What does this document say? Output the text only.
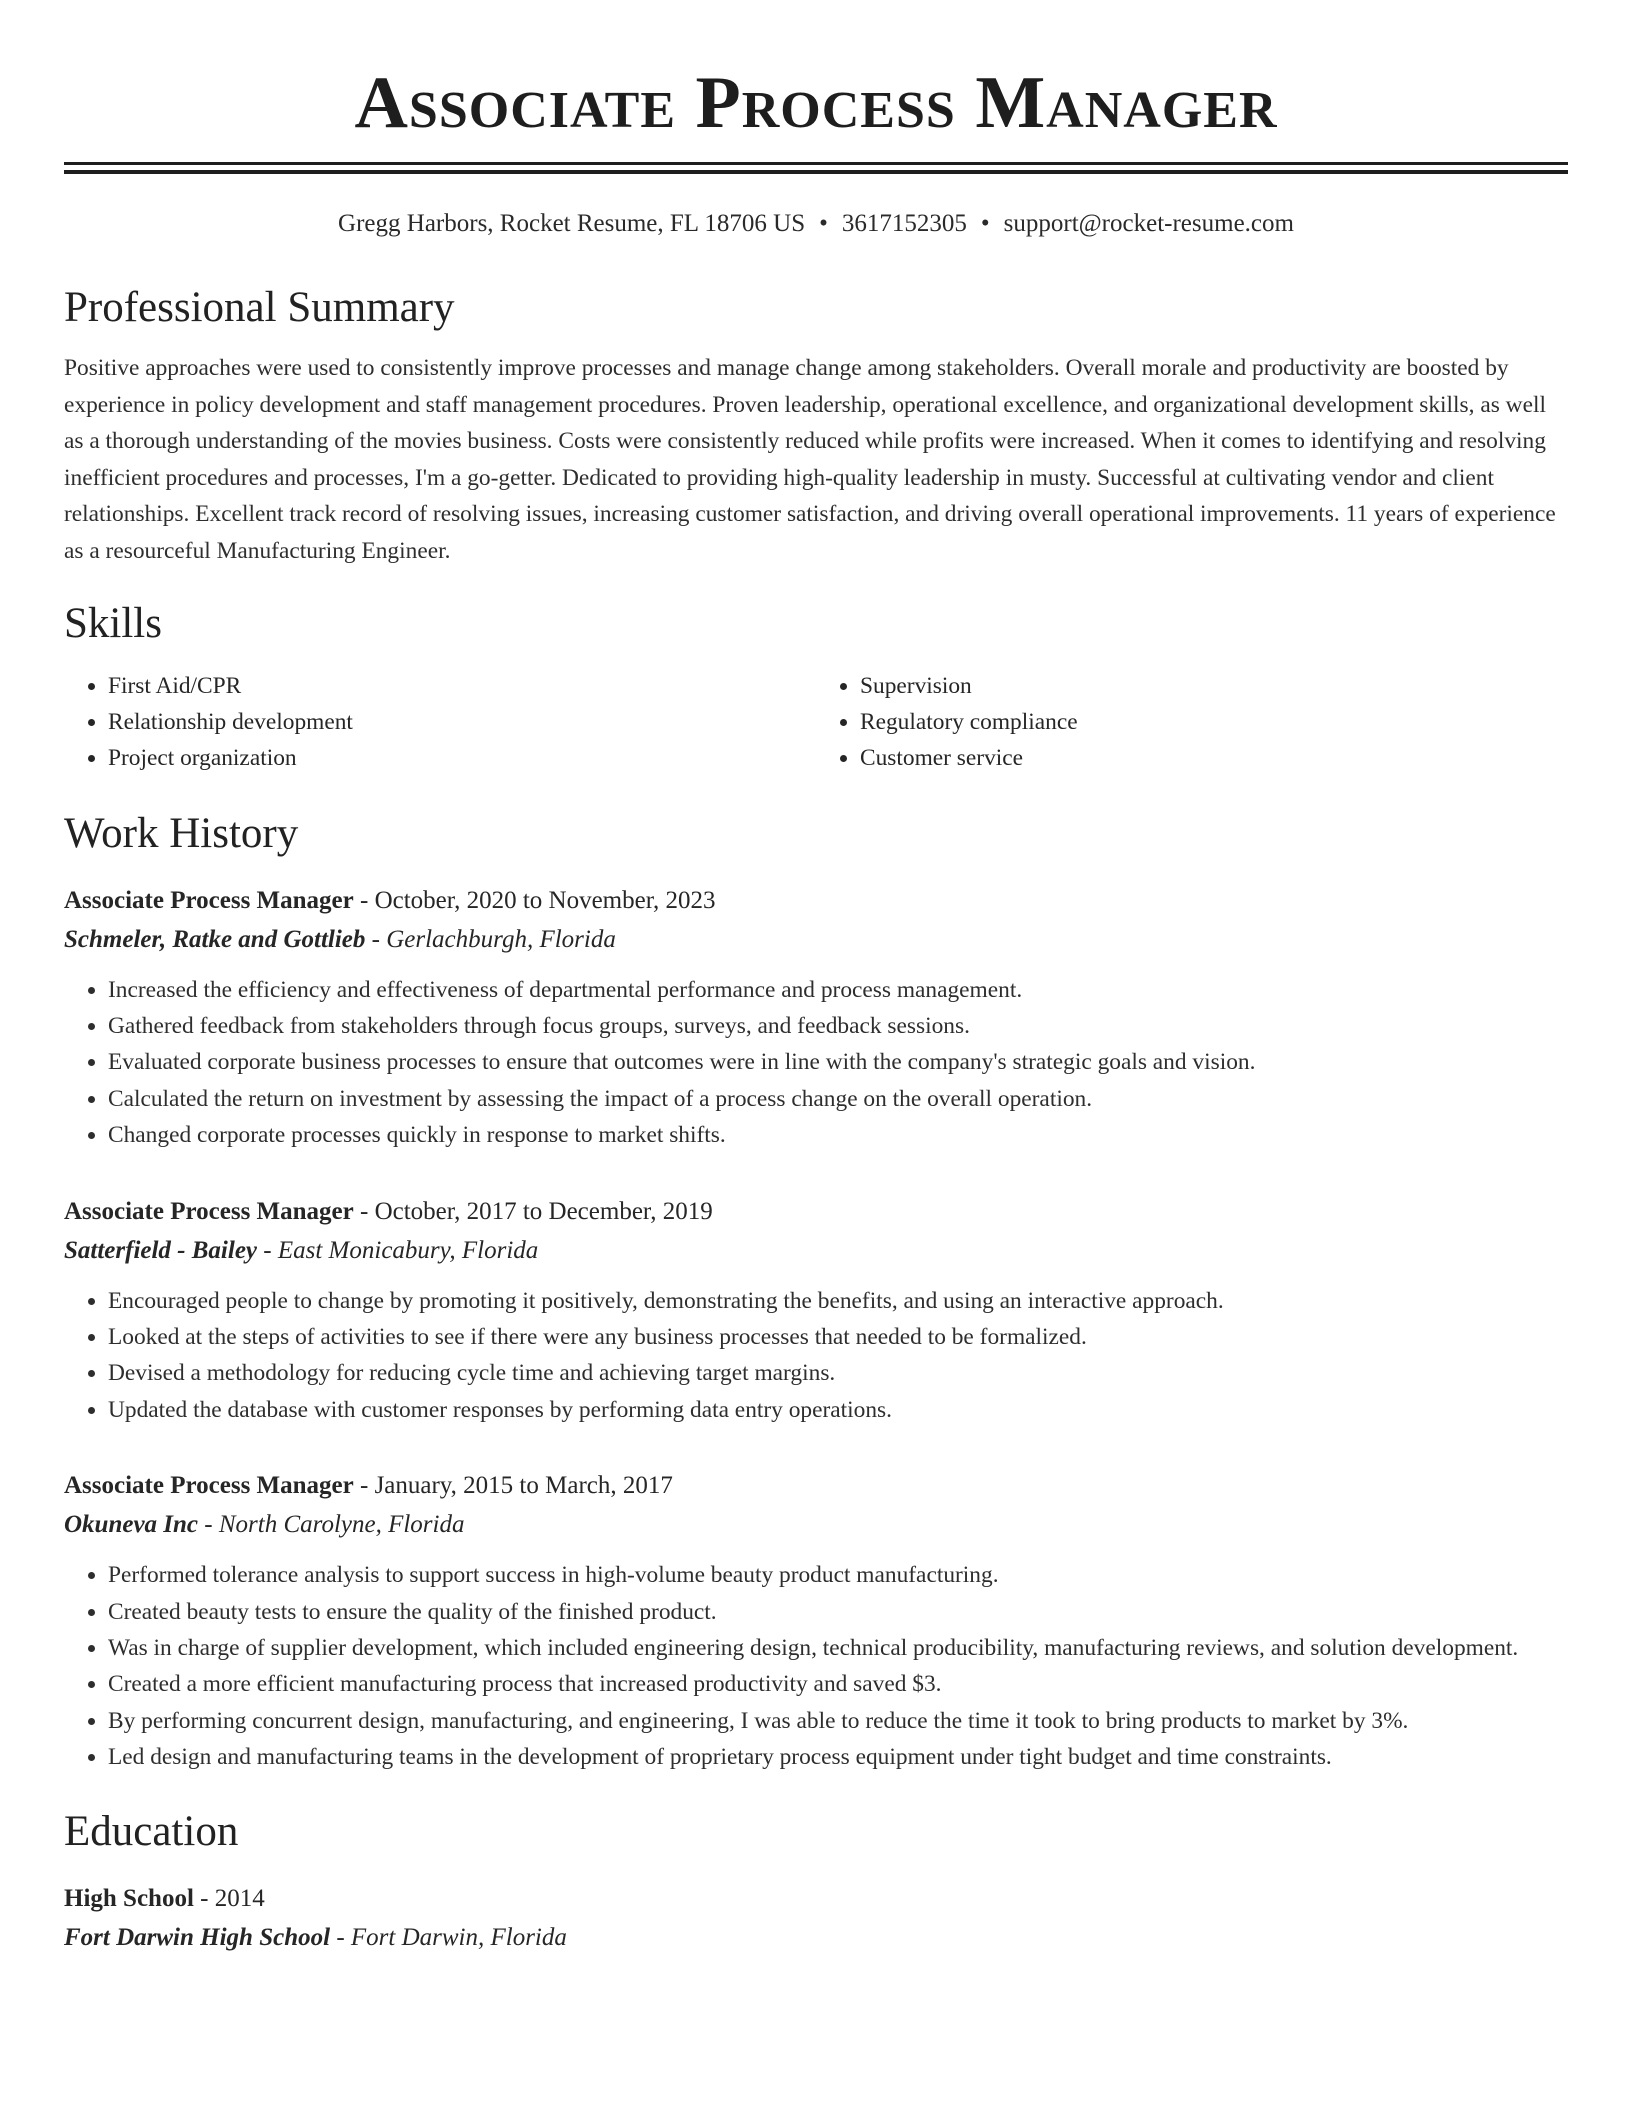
Associate Process Manager
Gregg Harbors, Rocket Resume, FL 18706 US • 3617152305 • support@rocket-resume.com
Professional Summary

Positive approaches were used to consistently improve processes and manage change among stakeholders. Overall morale and productivity are boosted by experience in policy development and staff management procedures. Proven leadership, operational excellence, and organizational development skills, as well as a thorough understanding of the movies business. Costs were consistently reduced while profits were increased. When it comes to identifying and resolving inefficient procedures and processes, I'm a go-getter. Dedicated to providing high-quality leadership in musty. Successful at cultivating vendor and client relationships. Excellent track record of resolving issues, increasing customer satisfaction, and driving overall operational improvements. 11 years of experience as a resourceful Manufacturing Engineer.

Skills
• First Aid/CPR
• Relationship development
• Project organization
• Supervision
• Regulatory compliance
• Customer service
Work History
Associate Process Manager - October, 2020 to November, 2023
Schmeler, Ratke and Gottlieb - Gerlachburgh, Florida
• Increased the efficiency and effectiveness of departmental performance and process management.
• Gathered feedback from stakeholders through focus groups, surveys, and feedback sessions.
• Evaluated corporate business processes to ensure that outcomes were in line with the company's strategic goals and vision.
• Calculated the return on investment by assessing the impact of a process change on the overall operation.
• Changed corporate processes quickly in response to market shifts.
Associate Process Manager - October, 2017 to December, 2019
Satterfield - Bailey - East Monicabury, Florida
• Encouraged people to change by promoting it positively, demonstrating the benefits, and using an interactive approach.
• Looked at the steps of activities to see if there were any business processes that needed to be formalized.
• Devised a methodology for reducing cycle time and achieving target margins.
• Updated the database with customer responses by performing data entry operations.
Associate Process Manager - January, 2015 to March, 2017
Okuneva Inc - North Carolyne, Florida
• Performed tolerance analysis to support success in high-volume beauty product manufacturing.
• Created beauty tests to ensure the quality of the finished product.
• Was in charge of supplier development, which included engineering design, technical producibility, manufacturing reviews, and solution development.
• Created a more efficient manufacturing process that increased productivity and saved $3.
• By performing concurrent design, manufacturing, and engineering, I was able to reduce the time it took to bring products to market by 3%.
• Led design and manufacturing teams in the development of proprietary process equipment under tight budget and time constraints.
Education
High School - 2014
Fort Darwin High School - Fort Darwin, Florida
